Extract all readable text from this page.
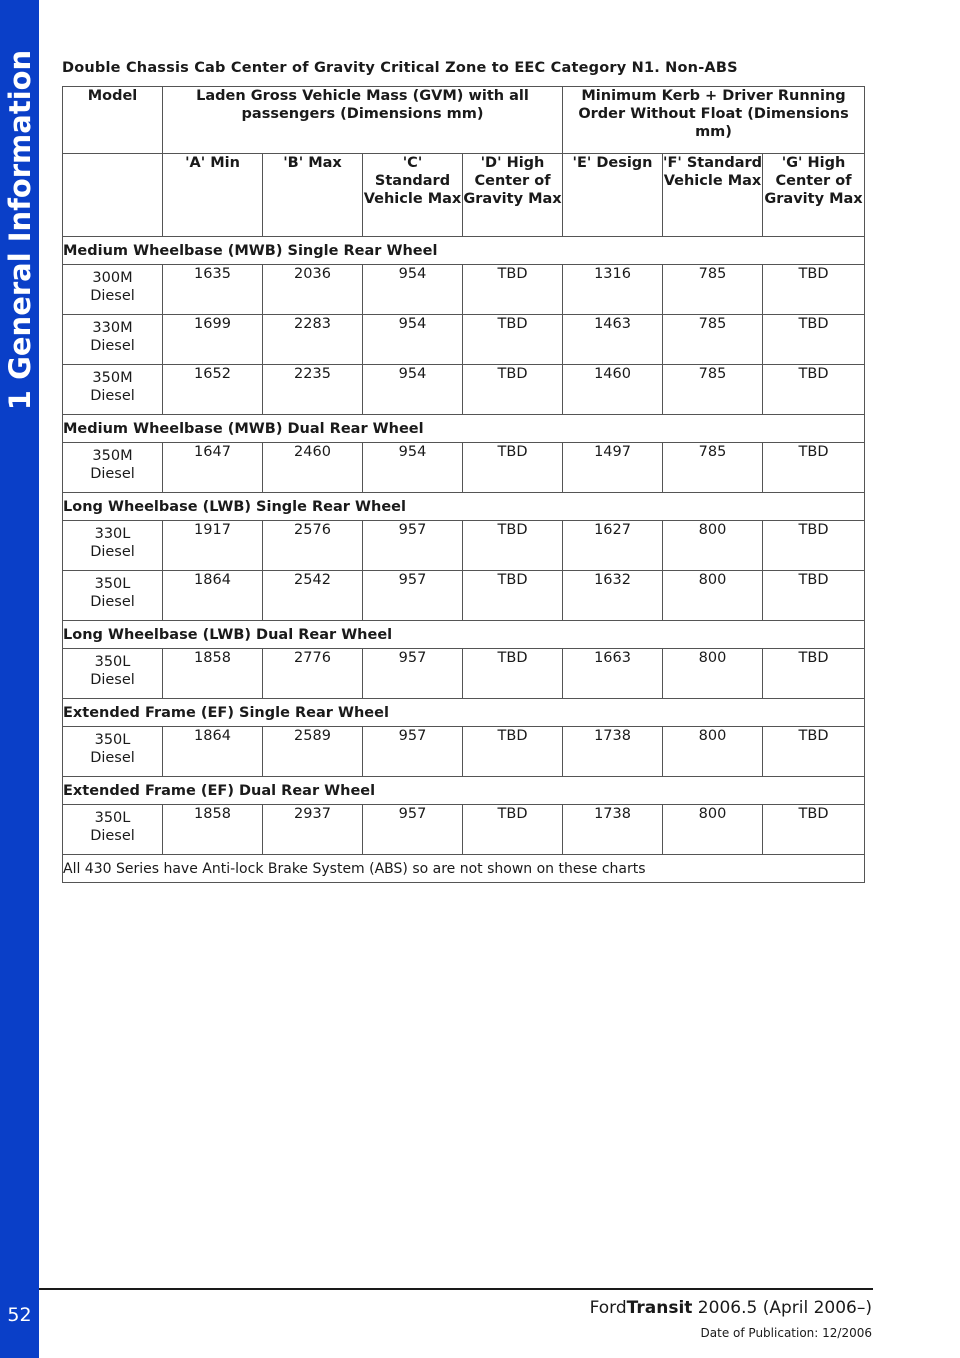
1 General Information
52
Double Chassis Cab Center of Gravity Critical Zone to EEC Category N1. Non-ABS
Model	Laden Gross Vehicle Mass (GVM) with all passengers (Dimensions mm)				Minimum Kerb + Driver Running Order Without Float (Dimensions mm)		
	'A' Min	'B' Max	'C' Standard Vehicle Max	'D' High Center of Gravity Max	'E' Design	'F' Standard Vehicle Max	'G' High Center of Gravity Max
Medium Wheelbase (MWB) Single Rear Wheel							
300M Diesel	1635	2036	954	TBD	1316	785	TBD
330M Diesel	1699	2283	954	TBD	1463	785	TBD
350M Diesel	1652	2235	954	TBD	1460	785	TBD
Medium Wheelbase (MWB) Dual Rear Wheel							
350M Diesel	1647	2460	954	TBD	1497	785	TBD
Long Wheelbase (LWB) Single Rear Wheel							
330L Diesel	1917	2576	957	TBD	1627	800	TBD
350L Diesel	1864	2542	957	TBD	1632	800	TBD
Long Wheelbase (LWB) Dual Rear Wheel							
350L Diesel	1858	2776	957	TBD	1663	800	TBD
Extended Frame (EF) Single Rear Wheel							
350L Diesel	1864	2589	957	TBD	1738	800	TBD
Extended Frame (EF) Dual Rear Wheel							
350L Diesel	1858	2937	957	TBD	1738	800	TBD
All 430 Series have Anti-lock Brake System (ABS) so are not shown on these charts							
FordTransit 2006.5 (April 2006–)
Date of Publication: 12/2006
